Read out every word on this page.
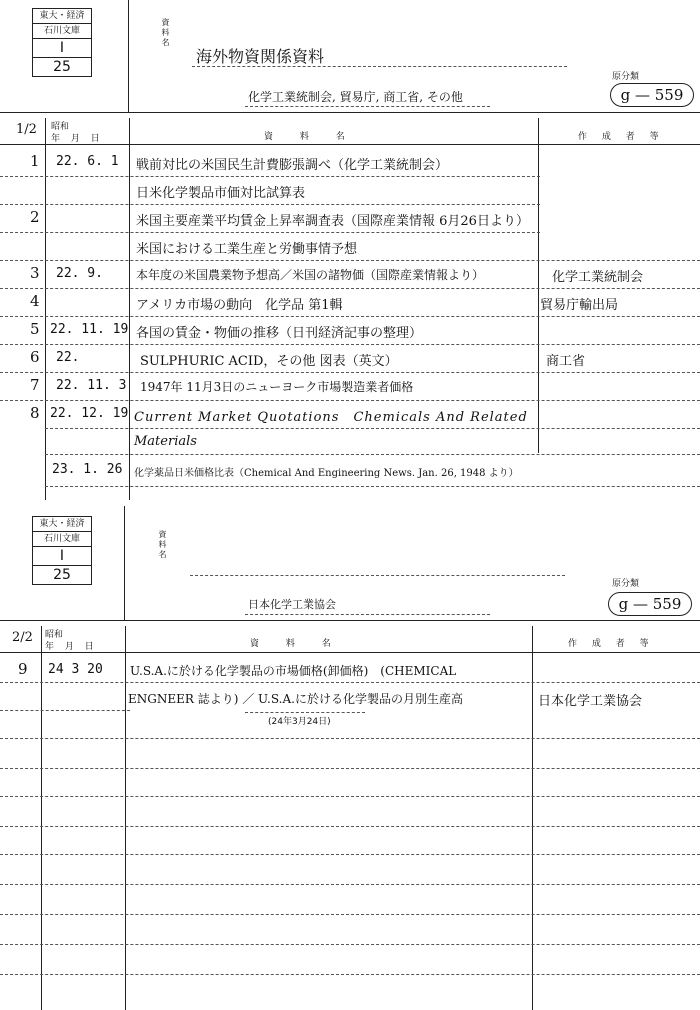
東大・経済
石川文庫
I
25
資料名
海外物資関係資料
化学工業統制会, 貿易庁, 商工省, その他
原分類
g — 559
1/2 昭和
年 月 日	資 料 名	作 成 者 等
1 22. 6. 1 戦前対比の米国民生計費膨張調べ（化学工業統制会）
日米化学製品市価対比試算表
2	米国主要産業平均賃金上昇率調査表（国際産業情報 6月26日より）
米国における工業生産と労働事情予想
3 22. 9.	本年度の米国農業物予想高／米国の諸物価（国際産業情報より）	化学工業統制会
4	アメリカ市場の動向　化学品 第1輯	貿易庁輸出局
5 22. 11. 19 各国の賃金・物価の推移（日刊経済記事の整理）
6 22.	SULPHURIC ACID，その他 図表（英文）	商工省
7 22. 11. 3 1947年 11月3日のニューヨーク市場製造業者価格
8 22. 12. 19 Current Market Quotations　Chemicals And Related
Materials
23. 1. 26 化学薬品日米価格比表（Chemical And Engineering News. Jan. 26, 1948 より）
東大・経済
石川文庫
I
25
資料名
日本化学工業協会
原分類
g — 559
2/2 昭和
年 月 日	資 料 名	作 成 者 等
9 24 3 20 U.S.A.に於ける化学製品の市場価格(卸価格)　(CHEMICAL
ENGNEER 誌より) ／ U.S.A.に於ける化学製品の月別生産高	日本化学工業協会
(24年3月24日)
